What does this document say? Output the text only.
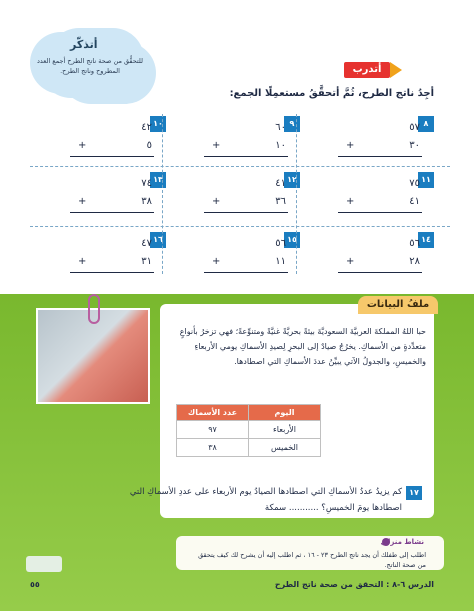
أتذكّر
للتحقُّق من صحة ناتج الطرح أجمع العدد المطروح وناتج الطرح.	أتدرب
أجِدُ ناتج الطرح، ثُمَّ أتحقَّقُ مستعمِلًا الجمع:
٨
٥٧
٣٠
٩
٦٠
١٠
١٠
٤٢
٥
١١
٧٥
٤١
١٢
٤١
٣٦
١٣
٧٤
٣٨
١٤
٥٦
٢٨
١٥
٥٦
١١
١٦
٤٧
٣١
+	+	+
+	+	+
+	+	+
ملفُ البيانات
حبا اللهُ المملكةَ العربيَّةَ السعوديَّةَ بيئةً بحريَّةً غنيَّةً ومتنوِّعةً؛ فهي تزخرُ بأنواعٍ متعدِّدةٍ من الأسماكِ. يخرُجُ صيادٌ إلى البحرِ لِصيدِ الأسماكِ يومي الأربعاءِ والخميسِ، والجدولُ الآتي يبيِّنُ عددَ الأسماكِ التي اصطادها.
اليوم	عدد الأسماك
الأربعاء	٩٧
الخميس	٣٨
١٧
كم يزيدُ عددُ الأسماكِ التي اصطادها الصيادُ يوم الأربعاء على عددِ الأسماكِ التي اصطادها يومَ الخميسِ؟ ........... سمكة
نشاط منزلي
اطلب إلى طفلك أن يجد ناتج الطرح ٢٣ - ١٦ ، ثم اطلب إليه أن يشرح لك كيف يتحقق من صحة الناتج.
الدرس ٦-٨ : التحقق من صحة ناتج الطرح
٥٥
